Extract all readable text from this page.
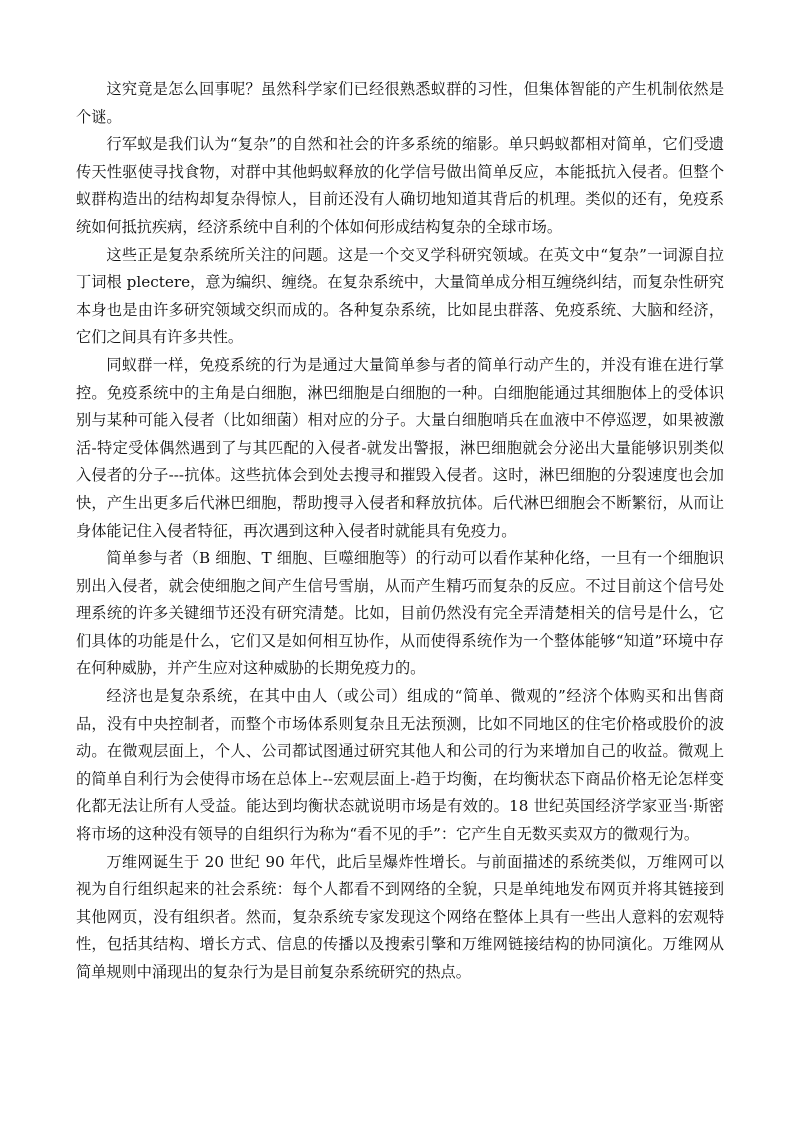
这究竟是怎么回事呢？虽然科学家们已经很熟悉蚁群的习性，但集体智能的产生机制依然是个谜。

行军蚁是我们认为“复杂”的自然和社会的许多系统的缩影。单只蚂蚁都相对简单，它们受遗传天性驱使寻找食物，对群中其他蚂蚁释放的化学信号做出简单反应，本能抵抗入侵者。但整个蚁群构造出的结构却复杂得惊人，目前还没有人确切地知道其背后的机理。类似的还有，免疫系统如何抵抗疾病，经济系统中自利的个体如何形成结构复杂的全球市场。

这些正是复杂系统所关注的问题。这是一个交叉学科研究领域。在英文中“复杂”一词源自拉丁词根 plectere，意为编织、缠绕。在复杂系统中，大量简单成分相互缠绕纠结，而复杂性研究本身也是由许多研究领域交织而成的。各种复杂系统，比如昆虫群落、免疫系统、大脑和经济，它们之间具有许多共性。

同蚁群一样，免疫系统的行为是通过大量简单参与者的简单行动产生的，并没有谁在进行掌控。免疫系统中的主角是白细胞，淋巴细胞是白细胞的一种。白细胞能通过其细胞体上的受体识别与某种可能入侵者（比如细菌）相对应的分子。大量白细胞哨兵在血液中不停巡逻，如果被激活-特定受体偶然遇到了与其匹配的入侵者-就发出警报，淋巴细胞就会分泌出大量能够识别类似入侵者的分子---抗体。这些抗体会到处去搜寻和摧毁入侵者。这时，淋巴细胞的分裂速度也会加快，产生出更多后代淋巴细胞，帮助搜寻入侵者和释放抗体。后代淋巴细胞会不断繁衍，从而让身体能记住入侵者特征，再次遇到这种入侵者时就能具有免疫力。

简单参与者（B 细胞、T 细胞、巨噬细胞等）的行动可以看作某种化络，一旦有一个细胞识别出入侵者，就会使细胞之间产生信号雪崩，从而产生精巧而复杂的反应。不过目前这个信号处理系统的许多关键细节还没有研究清楚。比如，目前仍然没有完全弄清楚相关的信号是什么，它们具体的功能是什么，它们又是如何相互协作，从而使得系统作为一个整体能够“知道”环境中存在何种威胁，并产生应对这种威胁的长期免疫力的。

经济也是复杂系统，在其中由人（或公司）组成的“简单、微观的”经济个体购买和出售商品，没有中央控制者，而整个市场体系则复杂且无法预测，比如不同地区的住宅价格或股价的波动。在微观层面上，个人、公司都试图通过研究其他人和公司的行为来增加自己的收益。微观上的简单自利行为会使得市场在总体上--宏观层面上-趋于均衡，在均衡状态下商品价格无论怎样变化都无法让所有人受益。能达到均衡状态就说明市场是有效的。18 世纪英国经济学家亚当·斯密将市场的这种没有领导的自组织行为称为“看不见的手”：它产生自无数买卖双方的微观行为。

万维网诞生于 20 世纪 90 年代，此后呈爆炸性增长。与前面描述的系统类似，万维网可以视为自行组织起来的社会系统：每个人都看不到网络的全貌，只是单纯地发布网页并将其链接到其他网页，没有组织者。然而，复杂系统专家发现这个网络在整体上具有一些出人意料的宏观特性，包括其结构、增长方式、信息的传播以及搜索引擎和万维网链接结构的协同演化。万维网从简单规则中涌现出的复杂行为是目前复杂系统研究的热点。
